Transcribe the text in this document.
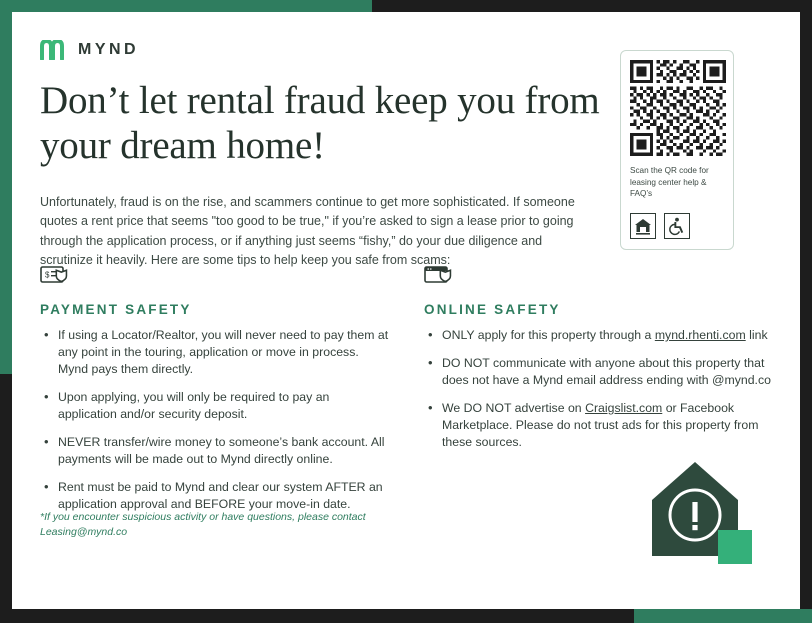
MYND
Don’t let rental fraud keep you from your dream home!

Unfortunately, fraud is on the rise, and scammers continue to get more sophisticated. If someone quotes a rent price that seems "too good to be true," if you’re asked to sign a lease prior to going through the application process, or if anything just seems “fishy,” do your due diligence and scrutinize it heavily. Here are some tips to help keep you safe from scams:

Scan the QR code for leasing center help & FAQ’s
$
PAYMENT SAFETY
• If using a Locator/Realtor, you will never need to pay them at any point in the touring, application or move in process. Mynd pays them directly.
• Upon applying, you will only be required to pay an application and/or security deposit.
• NEVER transfer/wire money to someone’s bank account. All payments will be made out to Mynd directly online.
• Rent must be paid to Mynd and clear our system AFTER an application approval and BEFORE your move-in date.
ONLINE SAFETY
• ONLY apply for this property through a mynd.rhenti.com link
• DO NOT communicate with anyone about this property that does not have a Mynd email address ending with @mynd.co
• We DO NOT advertise on Craigslist.com or Facebook Marketplace. Please do not trust ads for this property from these sources.
*If you encounter suspicious activity or have questions, please contact Leasing@mynd.co
